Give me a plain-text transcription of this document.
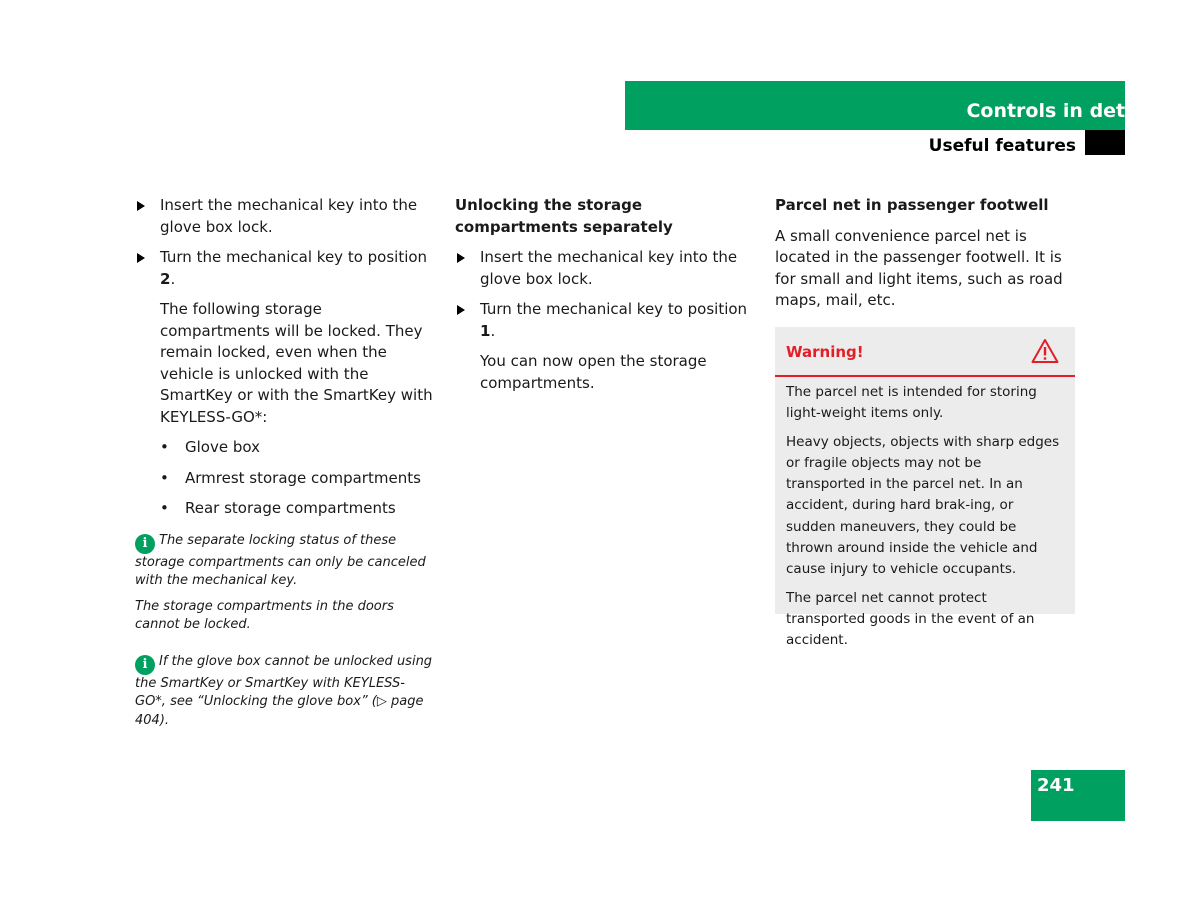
Controls in detail
Useful features
Insert the mechanical key into the glove box lock.
Turn the mechanical key to position 2.
The following storage compartments will be locked. They remain locked, even when the vehicle is unlocked with the SmartKey or with the SmartKey with KEYLESS-GO*:
• Glove box
• Armrest storage compartments
• Rear storage compartments

i The separate locking status of these storage compartments can only be canceled with the mechanical key.

The storage compartments in the doors cannot be locked.

i If the glove box cannot be unlocked using the SmartKey or SmartKey with KEYLESS-GO*, see “Unlocking the glove box” (▷ page 404).

Unlocking the storage compartments separately
Insert the mechanical key into the glove box lock.
Turn the mechanical key to position 1.
You can now open the storage compartments.
Parcel net in passenger footwell
A small convenience parcel net is located in the passenger footwell. It is for small and light items, such as road maps, mail, etc.
Warning!

The parcel net is intended for storing light-weight items only.

Heavy objects, objects with sharp edges or fragile objects may not be transported in the parcel net. In an accident, during hard brak-ing, or sudden maneuvers, they could be thrown around inside the vehicle and cause injury to vehicle occupants.

The parcel net cannot protect transported goods in the event of an accident.

241
